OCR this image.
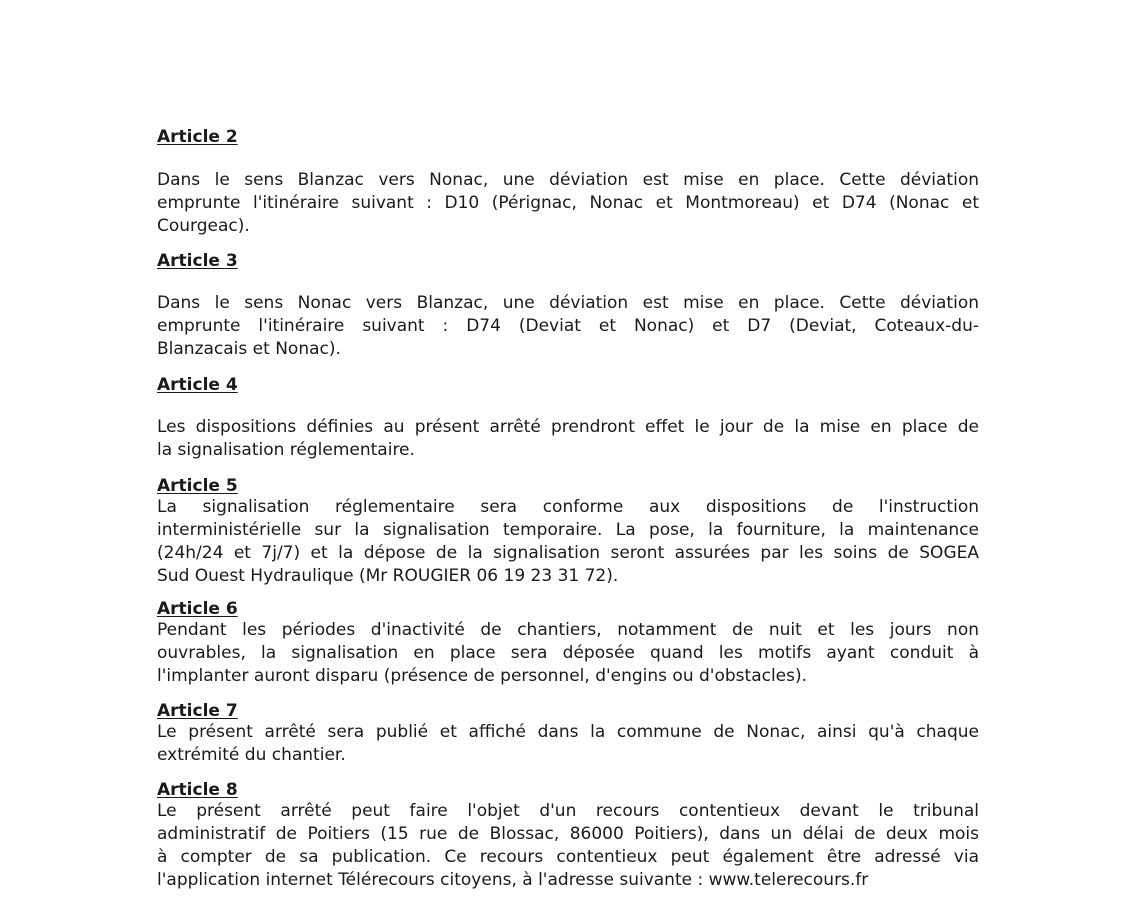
Article 2
Dans le sens Blanzac vers Nonac, une déviation est mise en place. Cette déviation
emprunte l'itinéraire suivant : D10 (Pérignac, Nonac et Montmoreau) et D74 (Nonac et
Courgeac).
Article 3
Dans le sens Nonac vers Blanzac, une déviation est mise en place. Cette déviation
emprunte l'itinéraire suivant : D74 (Deviat et Nonac) et D7 (Deviat, Coteaux-du-
Blanzacais et Nonac).
Article 4
Les dispositions définies au présent arrêté prendront effet le jour de la mise en place de
la signalisation réglementaire.
Article 5
La signalisation réglementaire sera conforme aux dispositions de l'instruction
interministérielle sur la signalisation temporaire. La pose, la fourniture, la maintenance
(24h/24 et 7j/7) et la dépose de la signalisation seront assurées par les soins de SOGEA
Sud Ouest Hydraulique (Mr ROUGIER 06 19 23 31 72).
Article 6
Pendant les périodes d'inactivité de chantiers, notamment de nuit et les jours non
ouvrables, la signalisation en place sera déposée quand les motifs ayant conduit à
l'implanter auront disparu (présence de personnel, d'engins ou d'obstacles).
Article 7
Le présent arrêté sera publié et affiché dans la commune de Nonac, ainsi qu'à chaque
extrémité du chantier.
Article 8
Le présent arrêté peut faire l'objet d'un recours contentieux devant le tribunal
administratif de Poitiers (15 rue de Blossac, 86000 Poitiers), dans un délai de deux mois
à compter de sa publication. Ce recours contentieux peut également être adressé via
l'application internet Télérecours citoyens, à l'adresse suivante : www.telerecours.fr
